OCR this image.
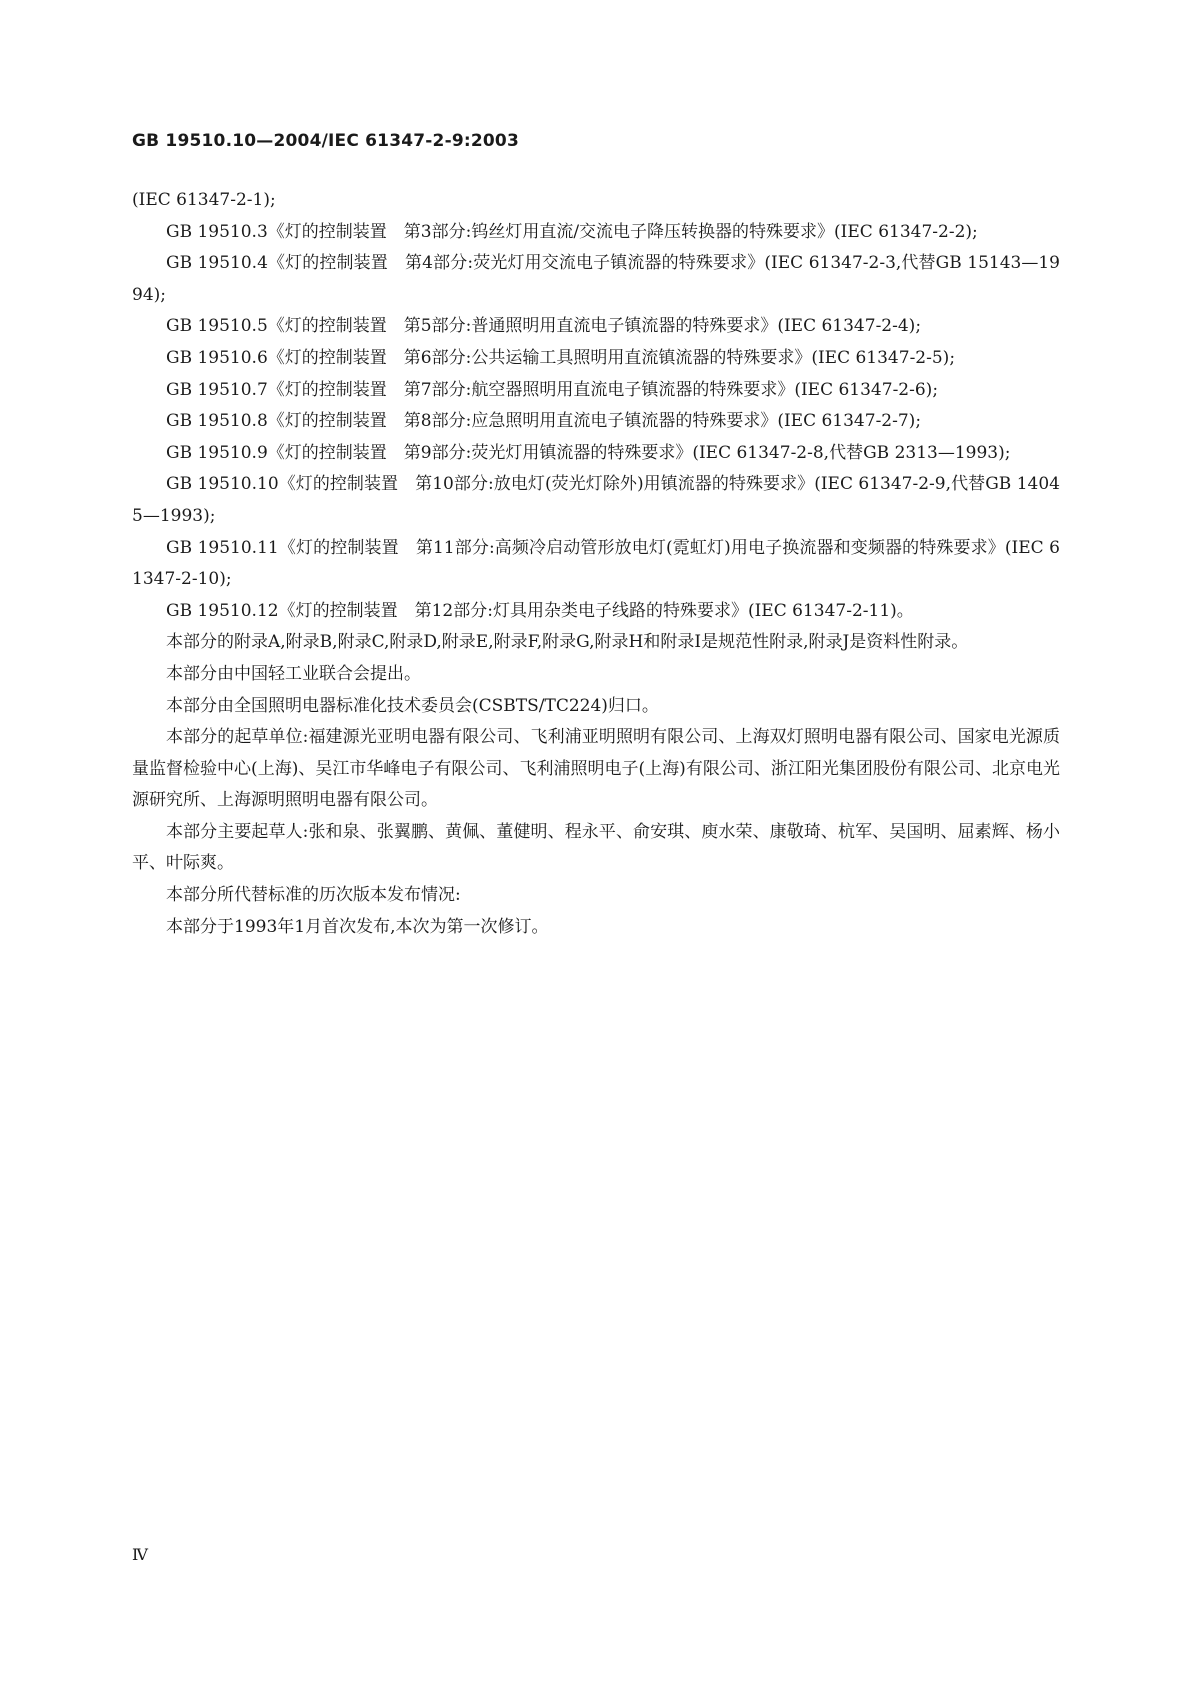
GB 19510.10—2004/IEC 61347-2-9:2003

(IEC 61347-2-1);

GB 19510.3《灯的控制装置　第3部分:钨丝灯用直流/交流电子降压转换器的特殊要求》(IEC 61347-2-2);

GB 19510.4《灯的控制装置　第4部分:荧光灯用交流电子镇流器的特殊要求》(IEC 61347-2-3,代替GB 15143—1994);

GB 19510.5《灯的控制装置　第5部分:普通照明用直流电子镇流器的特殊要求》(IEC 61347-2-4);

GB 19510.6《灯的控制装置　第6部分:公共运输工具照明用直流镇流器的特殊要求》(IEC 61347-2-5);

GB 19510.7《灯的控制装置　第7部分:航空器照明用直流电子镇流器的特殊要求》(IEC 61347-2-6);

GB 19510.8《灯的控制装置　第8部分:应急照明用直流电子镇流器的特殊要求》(IEC 61347-2-7);

GB 19510.9《灯的控制装置　第9部分:荧光灯用镇流器的特殊要求》(IEC 61347-2-8,代替GB 2313—1993);

GB 19510.10《灯的控制装置　第10部分:放电灯(荧光灯除外)用镇流器的特殊要求》(IEC 61347-2-9,代替GB 14045—1993);

GB 19510.11《灯的控制装置　第11部分:高频冷启动管形放电灯(霓虹灯)用电子换流器和变频器的特殊要求》(IEC 61347-2-10);

GB 19510.12《灯的控制装置　第12部分:灯具用杂类电子线路的特殊要求》(IEC 61347-2-11)。

本部分的附录A,附录B,附录C,附录D,附录E,附录F,附录G,附录H和附录I是规范性附录,附录J是资料性附录。

本部分由中国轻工业联合会提出。

本部分由全国照明电器标准化技术委员会(CSBTS/TC224)归口。

本部分的起草单位:福建源光亚明电器有限公司、飞利浦亚明照明有限公司、上海双灯照明电器有限公司、国家电光源质量监督检验中心(上海)、吴江市华峰电子有限公司、飞利浦照明电子(上海)有限公司、浙江阳光集团股份有限公司、北京电光源研究所、上海源明照明电器有限公司。

本部分主要起草人:张和泉、张翼鹏、黄佩、董健明、程永平、俞安琪、庾水荣、康敬琦、杭军、吴国明、屈素辉、杨小平、叶际爽。

本部分所代替标准的历次版本发布情况:

本部分于1993年1月首次发布,本次为第一次修订。

Ⅳ
